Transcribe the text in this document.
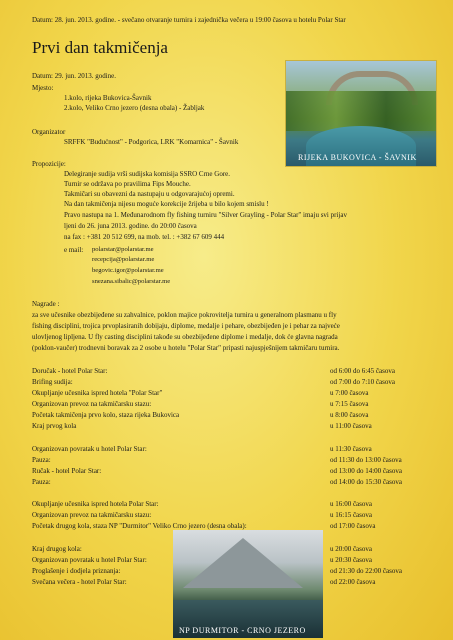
Datum: 28. jun. 2013. godine. - svečano otvaranje turnira i zajednička večera u 19:00 časova u hotelu Polar Star

Prvi dan takmičenja
RIJEKA BUKOVICA - ŠAVNIK

Datum: 29. jun. 2013. godine.

Mjesto:

1.kolo, rijeka Bukovica-Šavnik

2.kolo, Veliko Crno jezero (desna obala) - Žabljak

Organizator

SRFFK "Budućnost" - Podgorica, LRK "Komarnica" - Šavnik

Propozicije:

Delegiranje sudija vrši sudijska komisija SSRO Crne Gore.

Turnir se održava po pravilima Fips Mouche.

Takmičari su obavezni da nastupaju u odgovarajućoj opremi.

Na dan takmičenja nijesu moguće korekcije žrijeba u bilo kojem smislu !

Pravo nastupa na 1. Međunarodnom fly fishing turniru "Silver Grayling - Polar Star" imaju svi prijav

ljeni do 26. juna 2013. godine. do 20:00 časova

na fax : +381 20 512 699, na mob. tel. : +382 67 609 444

e mail: polarstar@polarstar.me

recepcija@polarstar.me

begovic.igor@polarstar.me

snezana.sibalic@polarstar.me

Nagrade :

za sve učesnike obezbijeđene su zahvalnice, poklon majice pokrovitelja turnira u generalnom plasmanu u fly

fishing disciplini, trojica prvoplasiranih dobijaju, diplome, medalje i pehare, obezbijeđen je i pehar za najveće

ulovljenog lipljena. U fly casting disciplini takođe su obezbijeđene diplome i medalje, dok će glavna nagrada

(poklon-vaučer) trodnevni boravak za 2 osobe u hotelu "Polar Star" pripasti najuspješnijem takmičaru turnira.

Doručak - hotel Polar Star:	od 6:00 do 6:45 časova

Brifing sudija:	od 7:00 do 7:10 časova

Okupljanje učesnika ispred hotela "Polar Star"	u 7:00 časova

Organizovan prevoz na takmičarsku stazu:	u 7:15 časova

Početak takmičenja prvo kolo, staza rijeka Bukovica	u 8:00 časova

Kraj prvog kola	u 11:00 časova

Organizovan povratak u hotel Polar Star:	u 11:30 časova

Pauza:	od 11:30 do 13:00 časova

Ručak - hotel Polar Star:	od 13:00 do 14:00 časova

Pauza:	od 14:00 do 15:30 časova

Okupljanje učesnika ispred hotela Polar Star:	u 16:00 časova

Organizovan prevoz na takmičarsku stazu:	u 16:15 časova

Početak drugog kola, staza NP "Durmitor" Veliko Crno jezero (desna obala):	od 17:00 časova

NP DURMITOR - CRNO JEZERO

Kraj drugog kola:	u 20:00 časova

Organizovan povratak u hotel Polar Star:	u 20:30 časova

Proglašenje i dodjela priznanja:	od 21:30 do 22:00 časova

Svečana večera - hotel Polar Star:	od 22:00 časova
